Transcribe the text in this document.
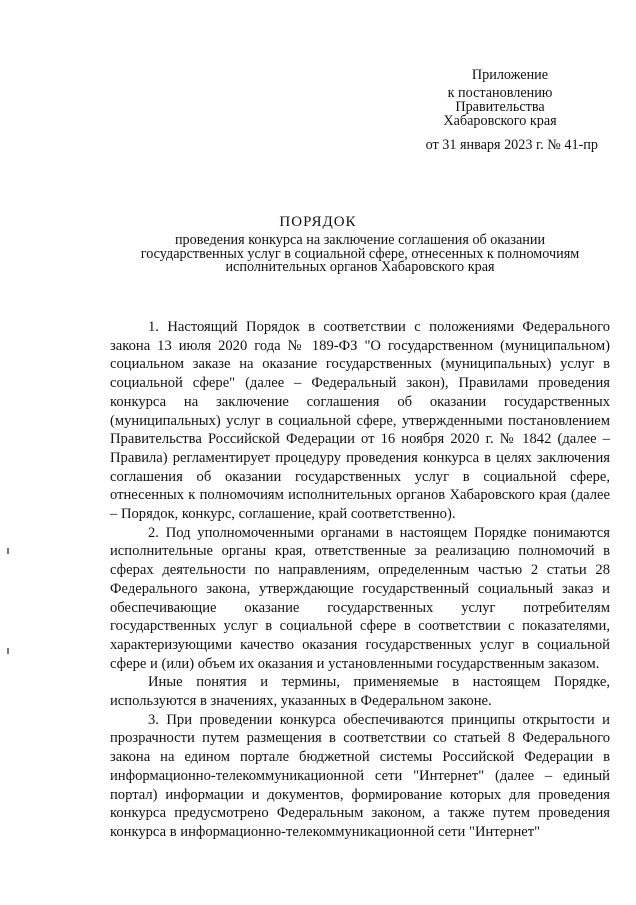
Приложение
к постановлению
Правительства
Хабаровского края
от 31 января 2023 г. № 41-пр
ПОРЯДОК
проведения конкурса на заключение соглашения об оказании
государственных услуг в социальной сфере, отнесенных к полномочиям
исполнительных органов Хабаровского края

1. Настоящий Порядок в соответствии с положениями Федерального закона 13 июля 2020 года № 189-ФЗ "О государственном (муниципальном) социальном заказе на оказание государственных (муниципальных) услуг в социальной сфере" (далее – Федеральный закон), Правилами проведения конкурса на заключение соглашения об оказании государственных (муниципальных) услуг в социальной сфере, утвержденными постановлением Правительства Российской Федерации от 16 ноября 2020 г. № 1842 (далее – Правила) регламентирует процедуру проведения конкурса в целях заключения соглашения об оказании государственных услуг в социальной сфере, отнесенных к полномочиям исполнительных органов Хабаровского края (далее – Порядок, конкурс, соглашение, край соответственно).

2. Под уполномоченными органами в настоящем Порядке понимаются исполнительные органы края, ответственные за реализацию полномочий в сферах деятельности по направлениям, определенным частью 2 статьи 28 Федерального закона, утверждающие государственный социальный заказ и обеспечивающие оказание государственных услуг потребителям государственных услуг в социальной сфере в соответствии с показателями, характеризующими качество оказания государственных услуг в социальной сфере и (или) объем их оказания и установленными государственным заказом.

Иные понятия и термины, применяемые в настоящем Порядке, используются в значениях, указанных в Федеральном законе.

3. При проведении конкурса обеспечиваются принципы открытости и прозрачности путем размещения в соответствии со статьей 8 Федерального закона на едином портале бюджетной системы Российской Федерации в информационно-телекоммуникационной сети "Интернет" (далее – единый портал) информации и документов, формирование которых для проведения конкурса предусмотрено Федеральным законом, а также путем проведения конкурса в информационно-телекоммуникационной сети "Интернет"
